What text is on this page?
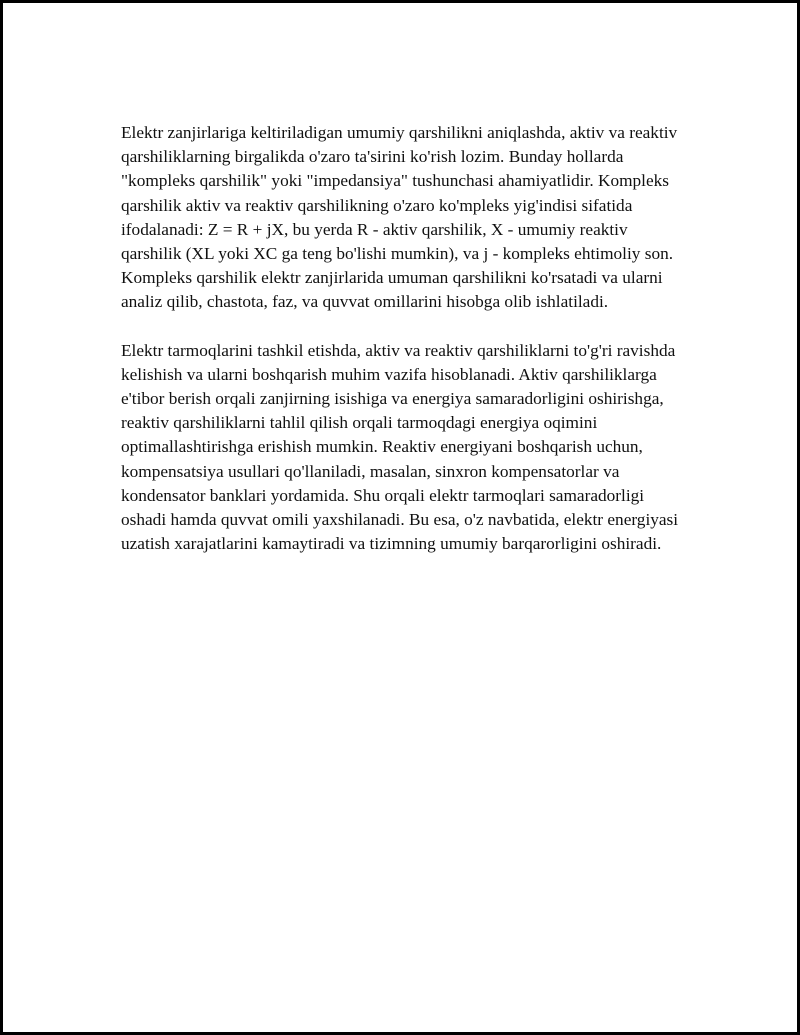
Elektr zanjirlariga keltiriladigan umumiy qarshilikni aniqlashda, aktiv va reaktiv qarshiliklarning birgalikda o'zaro ta'sirini ko'rish lozim. Bunday hollarda "kompleks qarshilik" yoki "impedansiya" tushunchasi ahamiyatlidir. Kompleks qarshilik aktiv va reaktiv qarshilikning o'zaro ko'mpleks yig'indisi sifatida ifodalanadi: Z = R + jX, bu yerda R - aktiv qarshilik, X - umumiy reaktiv qarshilik (XL yoki XC ga teng bo'lishi mumkin), va j - kompleks ehtimoliy son. Kompleks qarshilik elektr zanjirlarida umuman qarshilikni ko'rsatadi va ularni analiz qilib, chastota, faz, va quvvat omillarini hisobga olib ishlatiladi.

Elektr tarmoqlarini tashkil etishda, aktiv va reaktiv qarshiliklarni to'g'ri ravishda kelishish va ularni boshqarish muhim vazifa hisoblanadi. Aktiv qarshiliklarga e'tibor berish orqali zanjirning isishiga va energiya samaradorligini oshirishga, reaktiv qarshiliklarni tahlil qilish orqali tarmoqdagi energiya oqimini optimallashtirishga erishish mumkin. Reaktiv energiyani boshqarish uchun, kompensatsiya usullari qo'llaniladi, masalan, sinxron kompensatorlar va kondensator banklari yordamida. Shu orqali elektr tarmoqlari samaradorligi oshadi hamda quvvat omili yaxshilanadi. Bu esa, o'z navbatida, elektr energiyasi uzatish xarajatlarini kamaytiradi va tizimning umumiy barqarorligini oshiradi.
